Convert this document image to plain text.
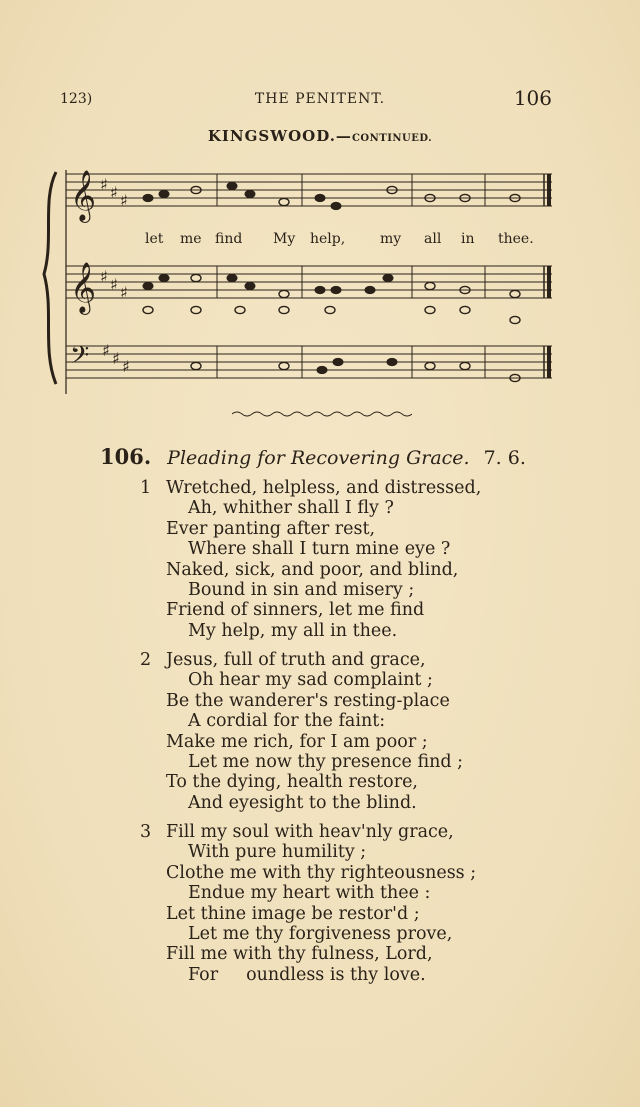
123)	THE PENITENT.	106
KINGSWOOD.—CONTINUED.
𝄞 ♯ ♯ ♯
𝄞 ♯ ♯ ♯
𝄢 ♯ ♯ ♯
let me find My help, my all in thee.
106. Pleading for Recovering Grace. 7. 6.
1 Wretched, helpless, and distressed,
Ah, whither shall I fly ?
Ever panting after rest,
Where shall I turn mine eye ?
Naked, sick, and poor, and blind,
Bound in sin and misery ;
Friend of sinners, let me find
My help, my all in thee.
2 Jesus, full of truth and grace,
Oh hear my sad complaint ;
Be the wanderer's resting-place
A cordial for the faint:
Make me rich, for I am poor ;
Let me now thy presence find ;
To the dying, health restore,
And eyesight to the blind.
3 Fill my soul with heav'nly grace,
With pure humility ;
Clothe me with thy righteousness ;
Endue my heart with thee :
Let thine image be restor'd ;
Let me thy forgiveness prove,
Fill me with thy fulness, Lord,
For oundless is thy love.
